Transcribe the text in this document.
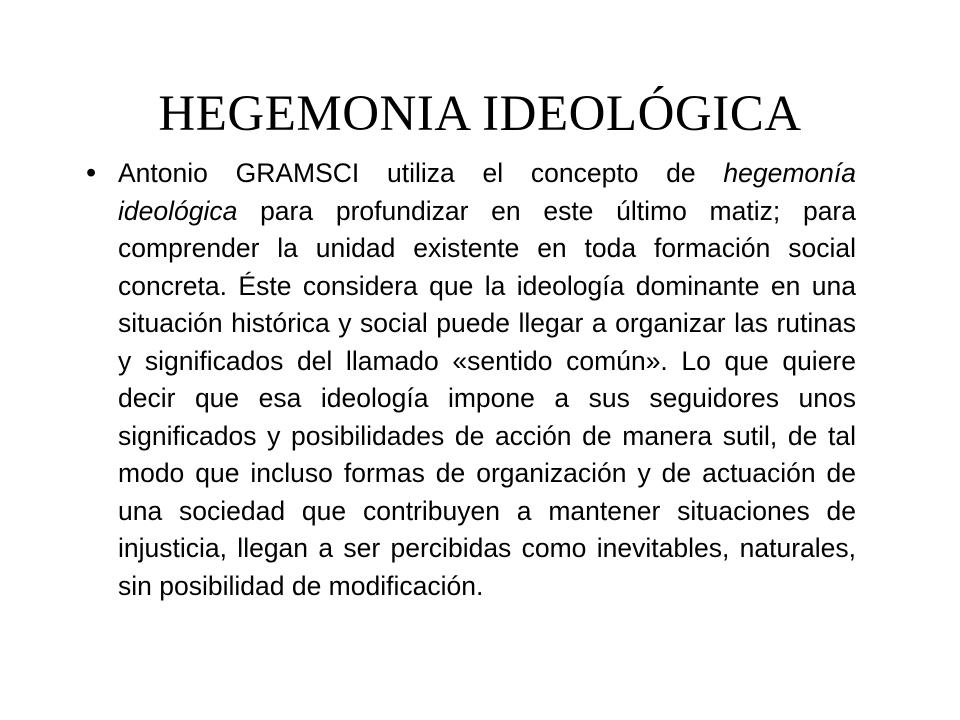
HEGEMONIA IDEOLÓGICA
• Antonio GRAMSCI utiliza el concepto de hegemonía ideológica para profundizar en este último matiz; para comprender la unidad existente en toda formación social concreta. Éste considera que la ideología dominante en una situación histórica y social puede llegar a organizar las rutinas y significados del llamado «sentido común». Lo que quiere decir que esa ideología impone a sus seguidores unos significados y posibilidades de acción de manera sutil, de tal modo que incluso formas de organización y de actuación de una sociedad que contribuyen a mantener situaciones de injusticia, llegan a ser percibidas como inevitables, naturales, sin posibilidad de modificación.
